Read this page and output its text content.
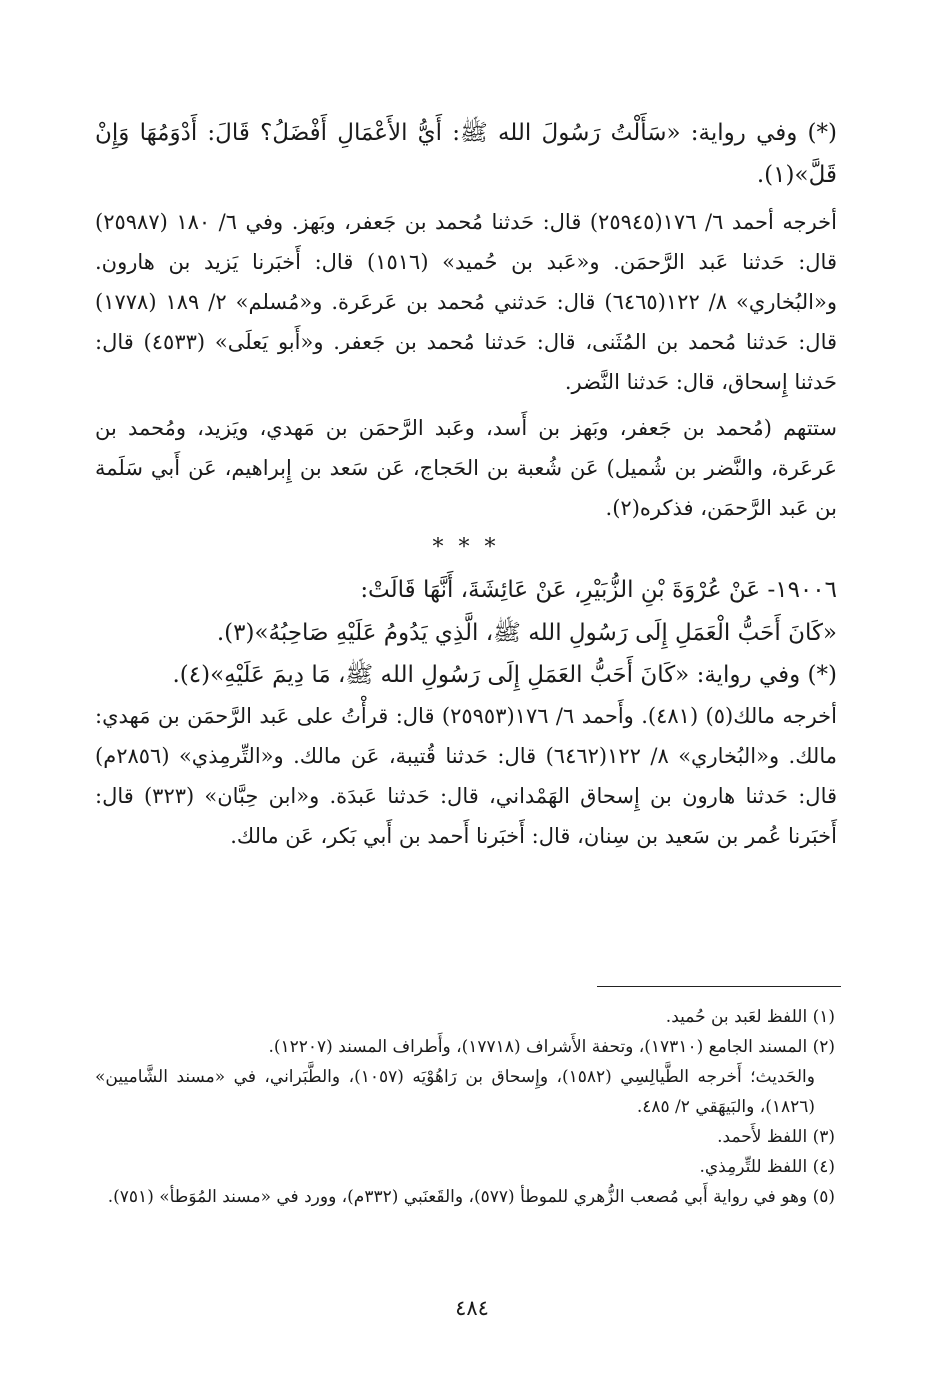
(*) وفي رواية: «سَأَلْتُ رَسُولَ الله ﷺ: أَيُّ الأَعْمَالِ أَفْضَلُ؟ قَالَ: أَدْوَمُهَا وَإِنْ قَلَّ»(١).

أخرجه أحمد ٦/ ١٧٦(٢٥٩٤٥) قال: حَدثنا مُحمد بن جَعفر، وبَهز. وفي ٦/ ١٨٠ (٢٥٩٨٧) قال: حَدثنا عَبد الرَّحمَن. و«عَبد بن حُميد» (١٥١٦) قال: أَخبَرنا يَزيد بن هارون. و«البُخاري» ٨/ ١٢٢(٦٤٦٥) قال: حَدثني مُحمد بن عَرعَرة. و«مُسلم» ٢/ ١٨٩ (١٧٧٨) قال: حَدثنا مُحمد بن المُثَنى، قال: حَدثنا مُحمد بن جَعفر. و«أَبو يَعلَى» (٤٥٣٣) قال: حَدثنا إِسحاق، قال: حَدثنا النَّضر.

ستتهم (مُحمد بن جَعفر، وبَهز بن أَسد، وعَبد الرَّحمَن بن مَهدي، ويَزيد، ومُحمد بن عَرعَرة، والنَّضر بن شُميل) عَن شُعبة بن الحَجاج، عَن سَعد بن إِبراهيم، عَن أَبي سَلَمة بن عَبد الرَّحمَن، فذكره(٢).

* * *

١٩٠٠٦- عَنْ عُرْوَةَ بْنِ الزُّبَيْرِ، عَنْ عَائِشَةَ، أَنَّهَا قَالَتْ:

«كَانَ أَحَبُّ الْعَمَلِ إِلَى رَسُولِ الله ﷺ، الَّذِي يَدُومُ عَلَيْهِ صَاحِبُهُ»(٣).

(*) وفي رواية: «كَانَ أَحَبُّ العَمَلِ إِلَى رَسُولِ الله ﷺ، مَا دِيمَ عَلَيْهِ»(٤).

أخرجه مالك(٥) (٤٨١). وأَحمد ٦/ ١٧٦(٢٥٩٥٣) قال: قرأْتُ على عَبد الرَّحمَن بن مَهدي: مالك. و«البُخاري» ٨/ ١٢٢(٦٤٦٢) قال: حَدثنا قُتيبة، عَن مالك. و«التِّرمِذي» (٢٨٥٦م) قال: حَدثنا هارون بن إِسحاق الهَمْداني، قال: حَدثنا عَبدَة. و«ابن حِبَّان» (٣٢٣) قال: أَخبَرنا عُمر بن سَعيد بن سِنان، قال: أَخبَرنا أَحمد بن أَبي بَكر، عَن مالك.

(١) اللفظ لعَبد بن حُميد.

(٢) المسند الجامع (١٧٣١٠)، وتحفة الأَشراف (١٧٧١٨)، وأَطراف المسند (١٢٢٠٧).

والحَديث؛ أَخرجه الطَّيالِسِي (١٥٨٢)، وإِسحاق بن رَاهُوْيَه (١٠٥٧)، والطَّبَراني، في «مسند الشَّاميين» (١٨٢٦)، والبَيهَقي ٢/ ٤٨٥.

(٣) اللفظ لأَحمد.

(٤) اللفظ للتِّرمِذي.

(٥) وهو في رواية أَبي مُصعب الزُّهري للموطأ (٥٧٧)، والقَعنَبي (٣٣٢م)، وورد في «مسند المُوَطأ» (٧٥١).

٤٨٤
